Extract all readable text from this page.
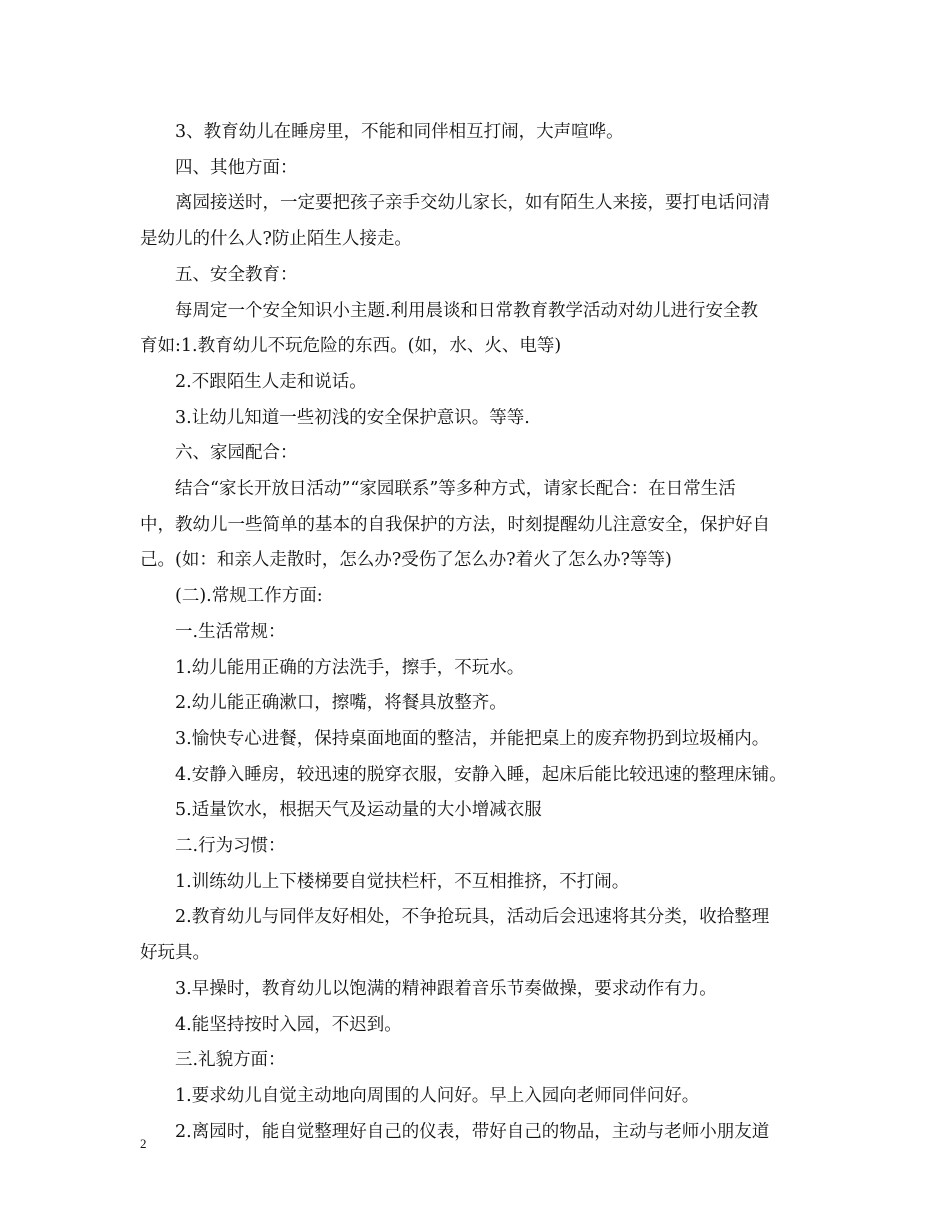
3、教育幼儿在睡房里，不能和同伴相互打闹，大声喧哗。

四、其他方面：

离园接送时，一定要把孩子亲手交幼儿家长，如有陌生人来接，要打电话问清

是幼儿的什么人?防止陌生人接走。

五、安全教育：

每周定一个安全知识小主题.利用晨谈和日常教育教学活动对幼儿进行安全教

育如:1.教育幼儿不玩危险的东西。(如，水、火、电等)

2.不跟陌生人走和说话。

3.让幼儿知道一些初浅的安全保护意识。等等.

六、家园配合：

结合“家长开放日活动”“家园联系”等多种方式，请家长配合：在日常生活

中，教幼儿一些简单的基本的自我保护的方法，时刻提醒幼儿注意安全，保护好自

己。(如：和亲人走散时，怎么办?受伤了怎么办?着火了怎么办?等等)

(二).常规工作方面:

一.生活常规：

1.幼儿能用正确的方法洗手，擦手，不玩水。

2.幼儿能正确漱口，擦嘴，将餐具放整齐。

3.愉快专心进餐，保持桌面地面的整洁，并能把桌上的废弃物扔到垃圾桶内。

4.安静入睡房，较迅速的脱穿衣服，安静入睡，起床后能比较迅速的整理床铺。

5.适量饮水，根据天气及运动量的大小增减衣服

二.行为习惯：

1.训练幼儿上下楼梯要自觉扶栏杆，不互相推挤，不打闹。

2.教育幼儿与同伴友好相处，不争抢玩具，活动后会迅速将其分类，收拾整理

好玩具。

3.早操时，教育幼儿以饱满的精神跟着音乐节奏做操，要求动作有力。

4.能坚持按时入园，不迟到。

三.礼貌方面：

1.要求幼儿自觉主动地向周围的人问好。早上入园向老师同伴问好。

2.离园时，能自觉整理好自己的仪表，带好自己的物品，主动与老师小朋友道

2
